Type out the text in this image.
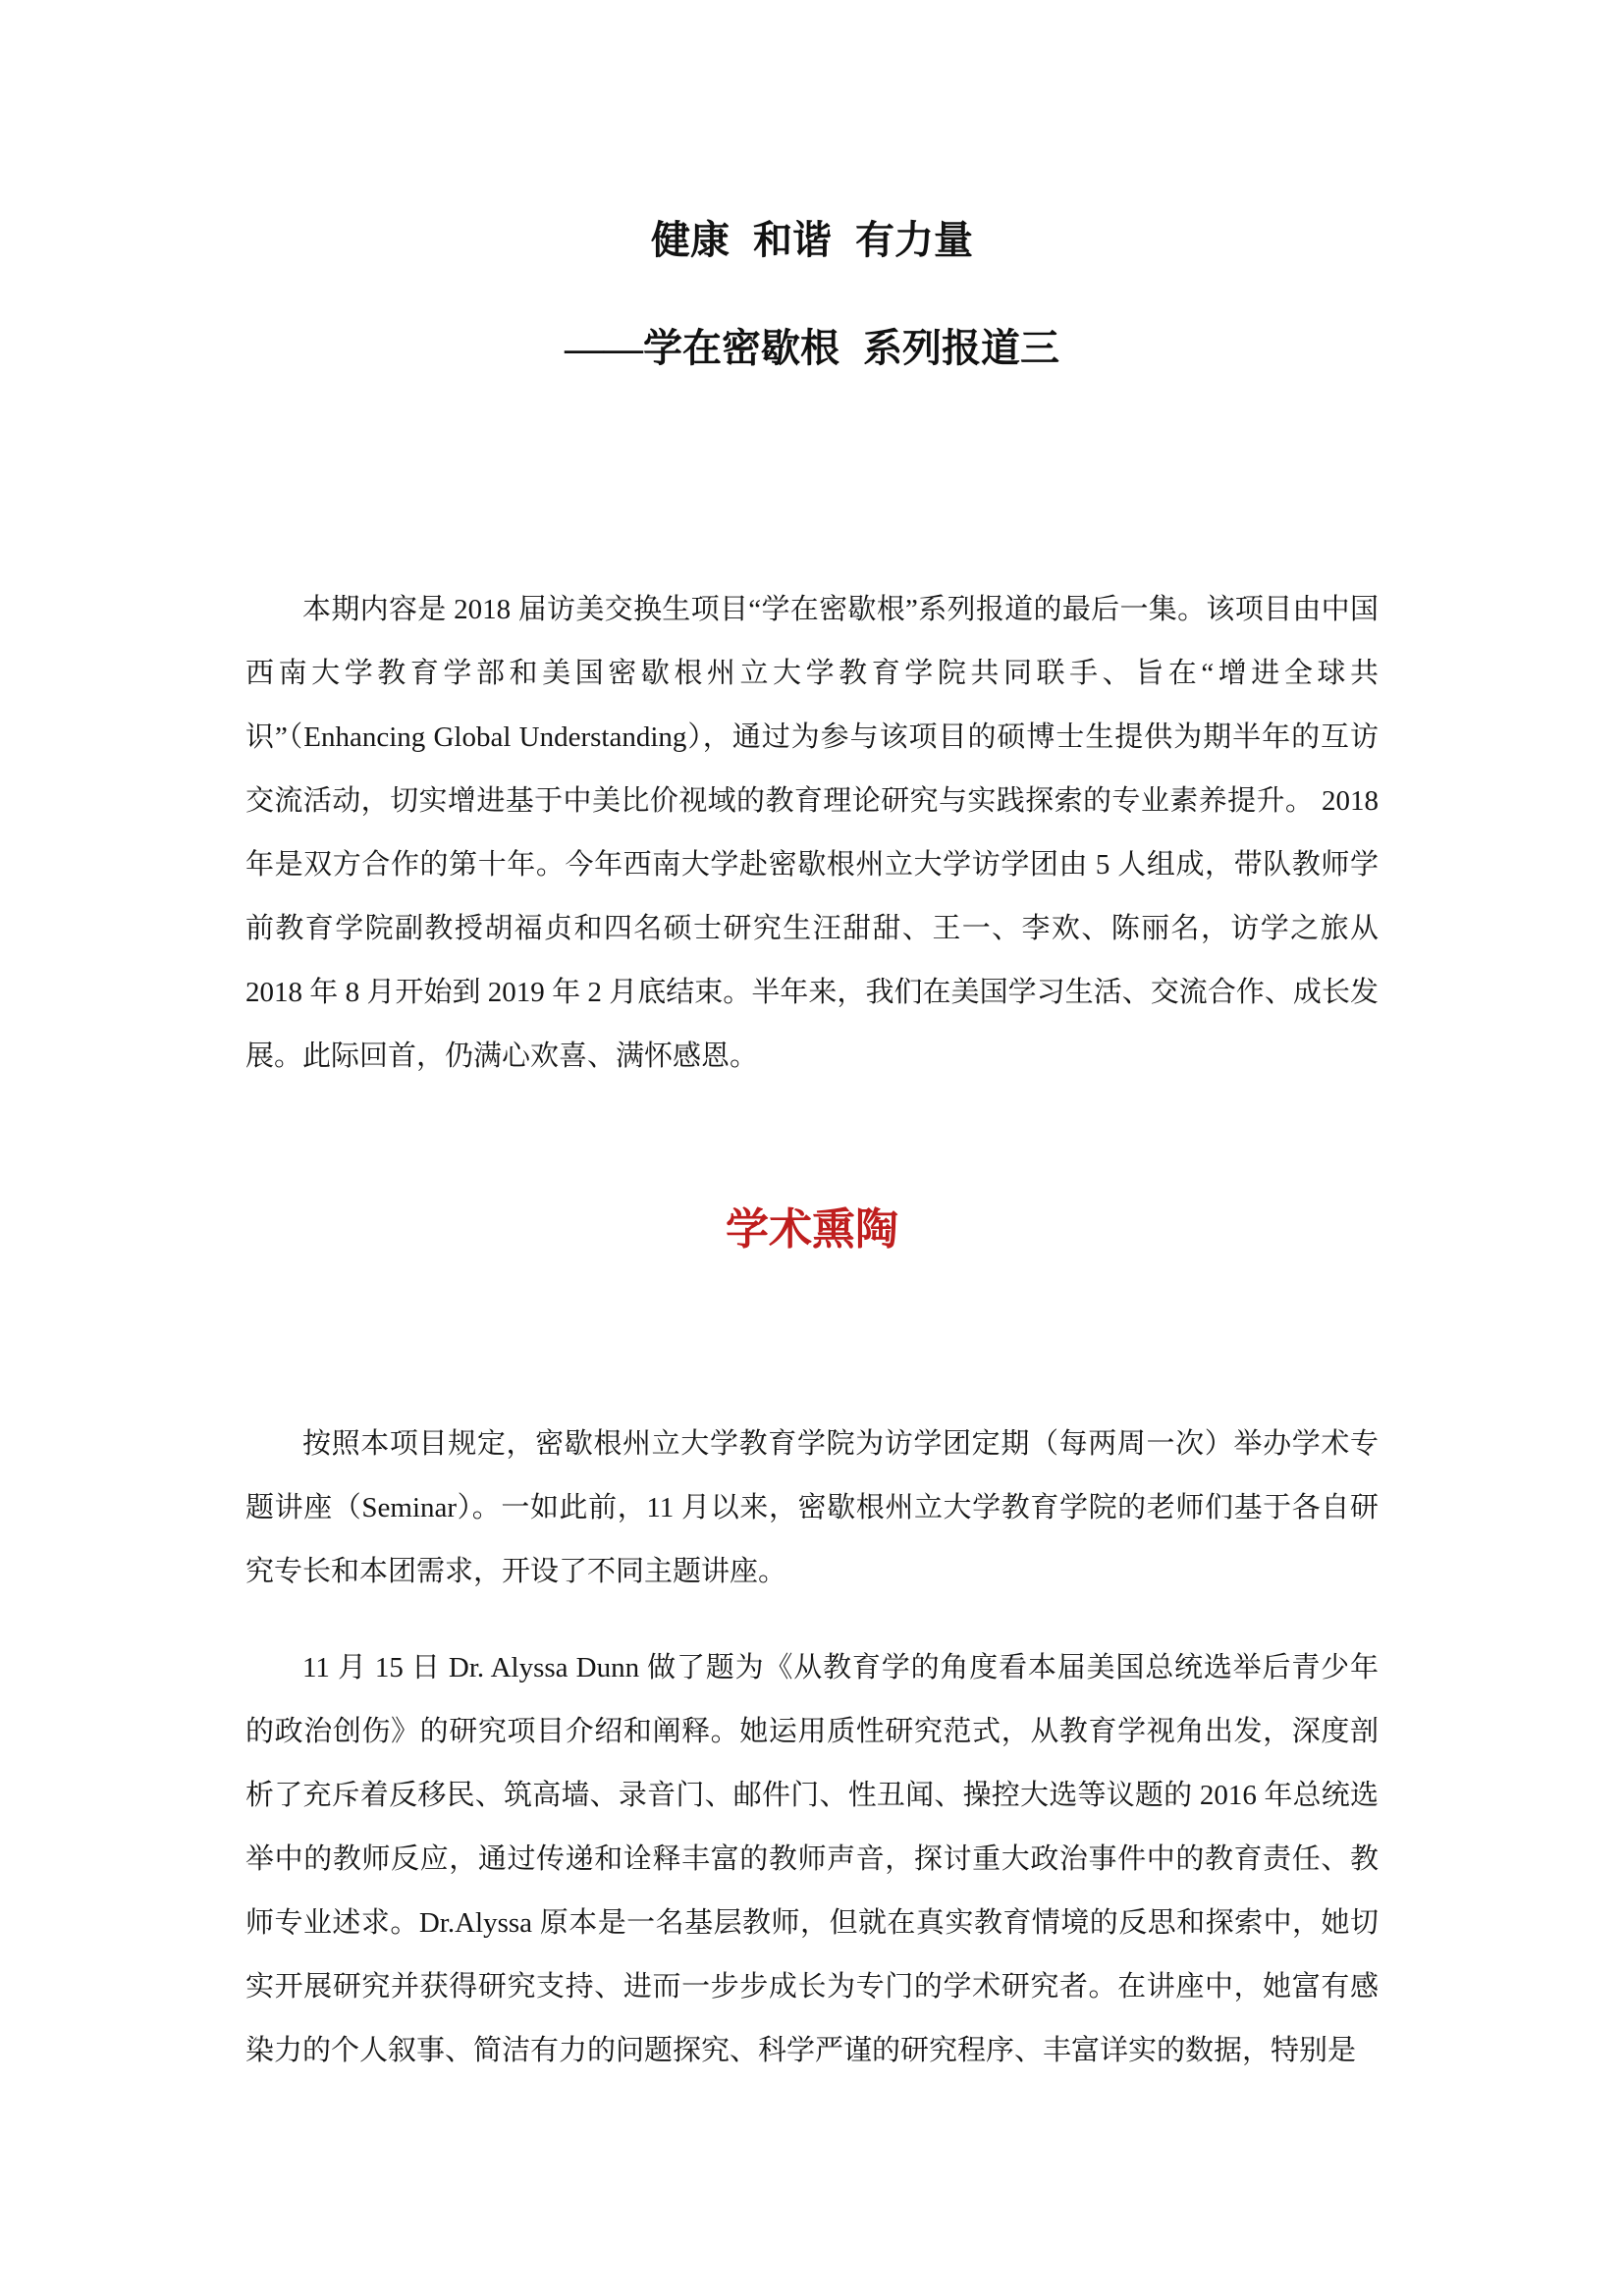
健康 和谐 有力量
——学在密歇根 系列报道三

本期内容是 2018 届访美交换生项目“学在密歇根”系列报道的最后一集。该项目由中国西南大学教育学部和美国密歇根州立大学教育学院共同联手、旨在“增进全球共识”（Enhancing Global Understanding），通过为参与该项目的硕博士生提供为期半年的互访交流活动，切实增进基于中美比价视域的教育理论研究与实践探索的专业素养提升。 2018 年是双方合作的第十年。今年西南大学赴密歇根州立大学访学团由 5 人组成，带队教师学前教育学院副教授胡福贞和四名硕士研究生汪甜甜、王一、李欢、陈丽名，访学之旅从 2018 年 8 月开始到 2019 年 2 月底结束。半年来，我们在美国学习生活、交流合作、成长发展。此际回首，仍满心欢喜、满怀感恩。

学术熏陶

按照本项目规定，密歇根州立大学教育学院为访学团定期（每两周一次）举办学术专题讲座（Seminar）。一如此前，11 月以来，密歇根州立大学教育学院的老师们基于各自研究专长和本团需求，开设了不同主题讲座。

11 月 15 日 Dr. Alyssa Dunn 做了题为《从教育学的角度看本届美国总统选举后青少年的政治创伤》的研究项目介绍和阐释。她运用质性研究范式，从教育学视角出发，深度剖析了充斥着反移民、筑高墙、录音门、邮件门、性丑闻、操控大选等议题的 2016 年总统选举中的教师反应，通过传递和诠释丰富的教师声音，探讨重大政治事件中的教育责任、教师专业述求。Dr.Alyssa 原本是一名基层教师，但就在真实教育情境的反思和探索中，她切实开展研究并获得研究支持、进而一步步成长为专门的学术研究者。在讲座中，她富有感染力的个人叙事、简洁有力的问题探究、科学严谨的研究程序、丰富详实的数据，特别是
